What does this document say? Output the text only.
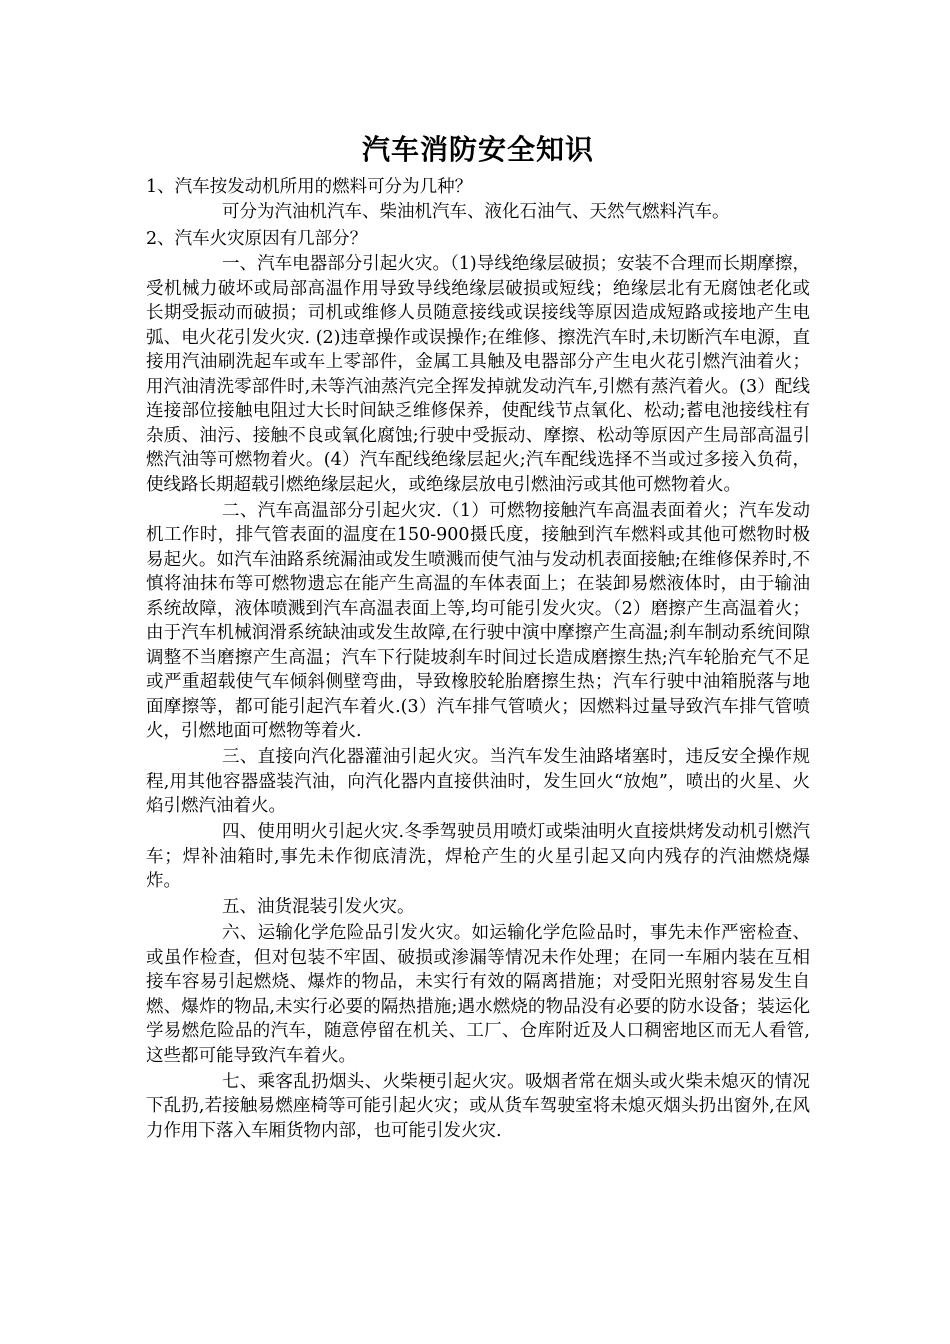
汽车消防安全知识

1、汽车按发动机所用的燃料可分为几种？

可分为汽油机汽车、柴油机汽车、液化石油气、天然气燃料汽车。

2、汽车火灾原因有几部分？

一、汽车电器部分引起火灾。（1)导线绝缘层破损；安装不合理而长期摩擦，受机械力破坏或局部高温作用导致导线绝缘层破损或短线；绝缘层北有无腐蚀老化或长期受振动而破损；司机或维修人员随意接线或误接线等原因造成短路或接地产生电弧、电火花引发火灾. (2)违章操作或误操作;在维修、擦洗汽车时,未切断汽车电源，直接用汽油刷洗起车或车上零部件，金属工具触及电器部分产生电火花引燃汽油着火；用汽油清洗零部件时,未等汽油蒸汽完全挥发掉就发动汽车,引燃有蒸汽着火。(3）配线连接部位接触电阻过大长时间缺乏维修保养，使配线节点氧化、松动;蓄电池接线柱有杂质、油污、接触不良或氧化腐蚀;行驶中受振动、摩擦、松动等原因产生局部高温引燃汽油等可燃物着火。(4）汽车配线绝缘层起火;汽车配线选择不当或过多接入负荷，使线路长期超载引燃绝缘层起火，或绝缘层放电引燃油污或其他可燃物着火。

二、汽车高温部分引起火灾.（1）可燃物接触汽车高温表面着火；汽车发动机工作时，排气管表面的温度在150-900摄氏度，接触到汽车燃料或其他可燃物时极易起火。如汽车油路系统漏油或发生喷溅而使气油与发动机表面接触;在维修保养时,不慎将油抹布等可燃物遗忘在能产生高温的车体表面上；在装卸易燃液体时，由于输油系统故障，液体喷溅到汽车高温表面上等,均可能引发火灾。（2）磨擦产生高温着火；由于汽车机械润滑系统缺油或发生故障,在行驶中演中摩擦产生高温;刹车制动系统间隙调整不当磨擦产生高温；汽车下行陡坡刹车时间过长造成磨擦生热;汽车轮胎充气不足或严重超载使气车倾斜侧壁弯曲，导致橡胶轮胎磨擦生热；汽车行驶中油箱脱落与地面摩擦等，都可能引起汽车着火.(3）汽车排气管喷火；因燃料过量导致汽车排气管喷火，引燃地面可燃物等着火.

三、直接向汽化器灌油引起火灾。当汽车发生油路堵塞时，违反安全操作规程,用其他容器盛装汽油，向汽化器内直接供油时，发生回火“放炮”，喷出的火星、火焰引燃汽油着火。

四、使用明火引起火灾.冬季驾驶员用喷灯或柴油明火直接烘烤发动机引燃汽车；焊补油箱时,事先未作彻底清洗，焊枪产生的火星引起又向内残存的汽油燃烧爆炸。

五、油货混装引发火灾。

六、运输化学危险品引发火灾。如运输化学危险品时，事先未作严密检查、或虽作检查，但对包装不牢固、破损或渗漏等情况未作处理；在同一车厢内装在互相接车容易引起燃烧、爆炸的物品，未实行有效的隔离措施；对受阳光照射容易发生自燃、爆炸的物品,未实行必要的隔热措施;遇水燃烧的物品没有必要的防水设备；装运化学易燃危险品的汽车，随意停留在机关、工厂、仓库附近及人口稠密地区而无人看管,这些都可能导致汽车着火。

七、乘客乱扔烟头、火柴梗引起火灾。吸烟者常在烟头或火柴未熄灭的情况下乱扔,若接触易燃座椅等可能引起火灾；或从货车驾驶室将未熄灭烟头扔出窗外,在风力作用下落入车厢货物内部，也可能引发火灾.
